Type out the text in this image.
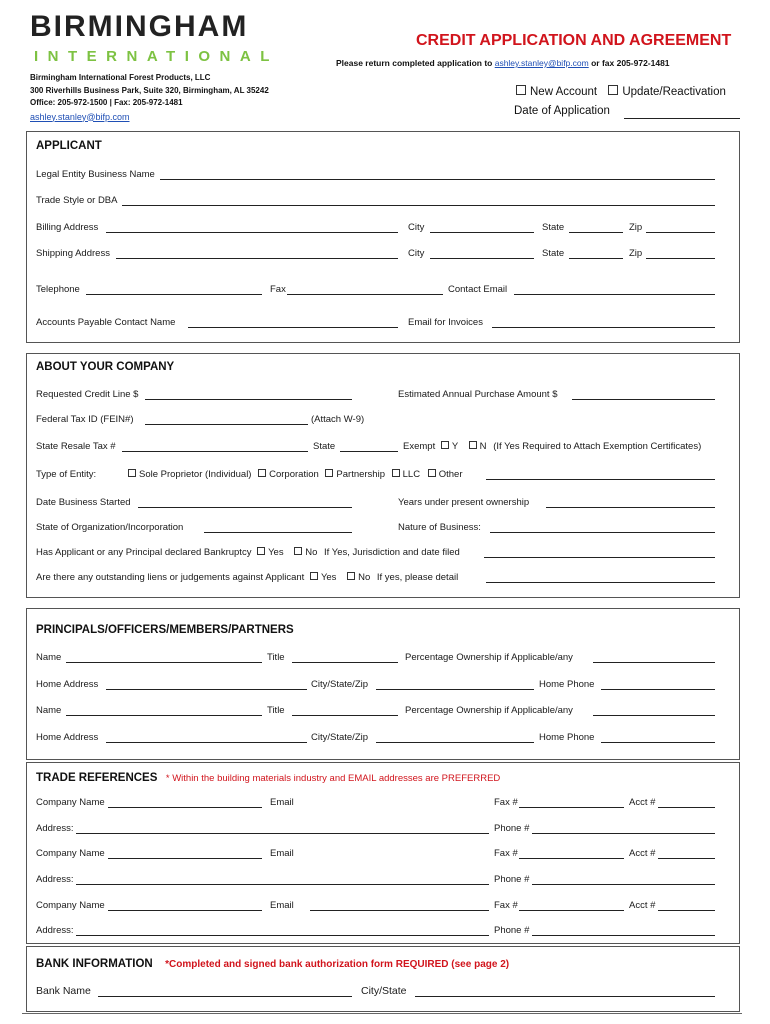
BIRMINGHAM
INTERNATIONAL
Birmingham International Forest Products, LLC
300 Riverhills Business Park, Suite 320, Birmingham, AL 35242
Office: 205-972-1500 | Fax: 205-972-1481
ashley.stanley@bifp.com
CREDIT APPLICATION AND AGREEMENT
Please return completed application to ashley.stanley@bifp.com or fax 205-972-1481
New Account Update/Reactivation
Date of Application
APPLICANT
Legal Entity Business Name
Trade Style or DBA
Billing Address	City	State	Zip
Shipping Address	City	State	Zip
Telephone	Fax	Contact Email
Accounts Payable Contact Name	Email for Invoices
ABOUT YOUR COMPANY
Requested Credit Line $	Estimated Annual Purchase Amount $
Federal Tax ID (FEIN#)	(Attach W-9)
State Resale Tax #	State	Exempt Y N (If Yes Required to Attach Exemption Certificates)
Type of Entity:	Sole Proprietor (Individual) Corporation Partnership LLC Other
Date Business Started	Years under present ownership
State of Organization/Incorporation	Nature of Business:
Has Applicant or any Principal declared Bankruptcy Yes No If Yes, Jurisdiction and date filed
Are there any outstanding liens or judgements against Applicant Yes No If yes, please detail
PRINCIPALS/OFFICERS/MEMBERS/PARTNERS
Name	Title	Percentage Ownership if Applicable/any
Home Address	City/State/Zip	Home Phone
Name	Title	Percentage Ownership if Applicable/any
Home Address	City/State/Zip	Home Phone
TRADE REFERENCES * Within the building materials industry and EMAIL addresses are PREFERRED
Company Name	Email	Fax #	Acct #
Address:	Phone #
Company Name	Email	Fax #	Acct #
Address:	Phone #
Company Name	Email	Fax #	Acct #
Address:	Phone #
BANK INFORMATION *Completed and signed bank authorization form REQUIRED (see page 2)
Bank Name	City/State
